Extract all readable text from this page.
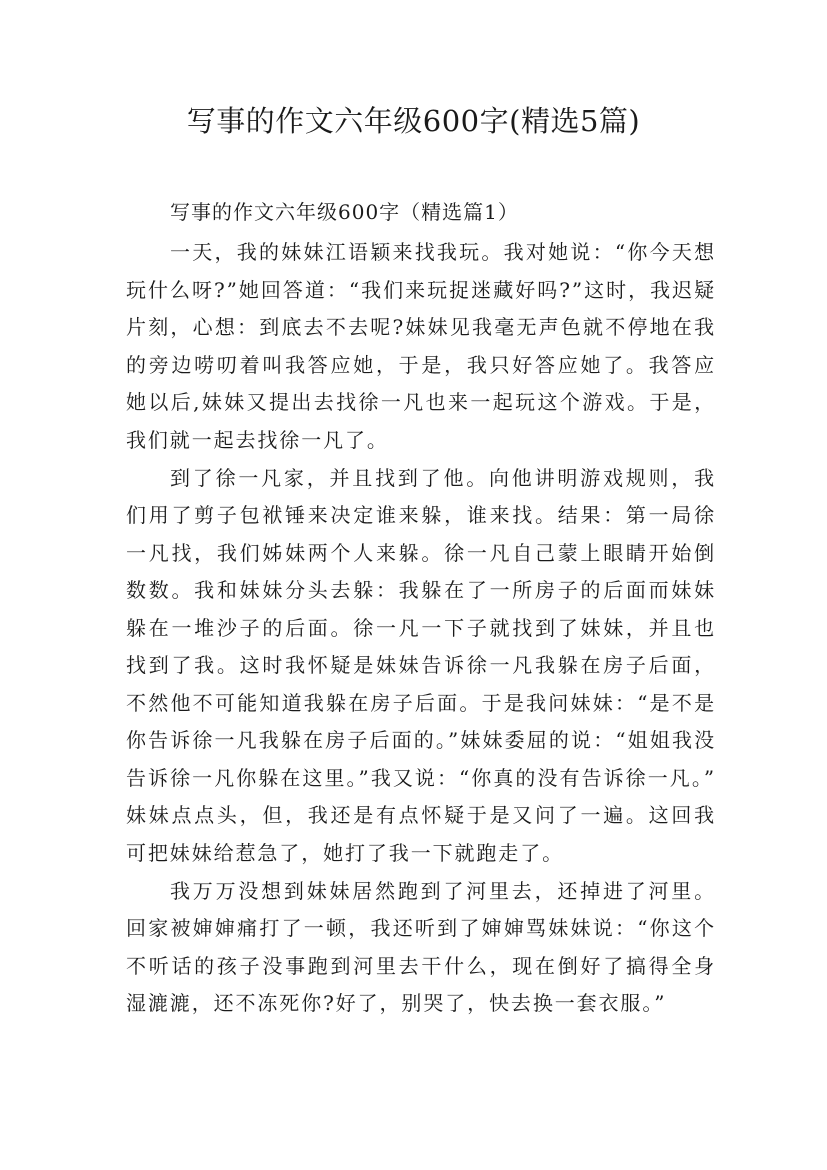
写事的作文六年级600字(精选5篇)

写事的作文六年级600字（精选篇1）

一天，我的妹妹江语颖来找我玩。我对她说：“你今天想玩什么呀?”她回答道：“我们来玩捉迷藏好吗?”这时，我迟疑片刻，心想：到底去不去呢?妹妹见我毫无声色就不停地在我的旁边唠叨着叫我答应她，于是，我只好答应她了。我答应她以后,妹妹又提出去找徐一凡也来一起玩这个游戏。于是，我们就一起去找徐一凡了。

到了徐一凡家，并且找到了他。向他讲明游戏规则，我们用了剪子包袱锤来决定谁来躲，谁来找。结果：第一局徐一凡找，我们姊妹两个人来躲。徐一凡自己蒙上眼睛开始倒数数。我和妹妹分头去躲：我躲在了一所房子的后面而妹妹躲在一堆沙子的后面。徐一凡一下子就找到了妹妹，并且也找到了我。这时我怀疑是妹妹告诉徐一凡我躲在房子后面，不然他不可能知道我躲在房子后面。于是我问妹妹：“是不是你告诉徐一凡我躲在房子后面的。”妹妹委屈的说：“姐姐我没告诉徐一凡你躲在这里。”我又说：“你真的没有告诉徐一凡。”妹妹点点头，但，我还是有点怀疑于是又问了一遍。这回我可把妹妹给惹急了，她打了我一下就跑走了。

我万万没想到妹妹居然跑到了河里去，还掉进了河里。回家被婶婶痛打了一顿，我还听到了婶婶骂妹妹说：“你这个不听话的孩子没事跑到河里去干什么，现在倒好了搞得全身湿漉漉，还不冻死你?好了，别哭了，快去换一套衣服。”
